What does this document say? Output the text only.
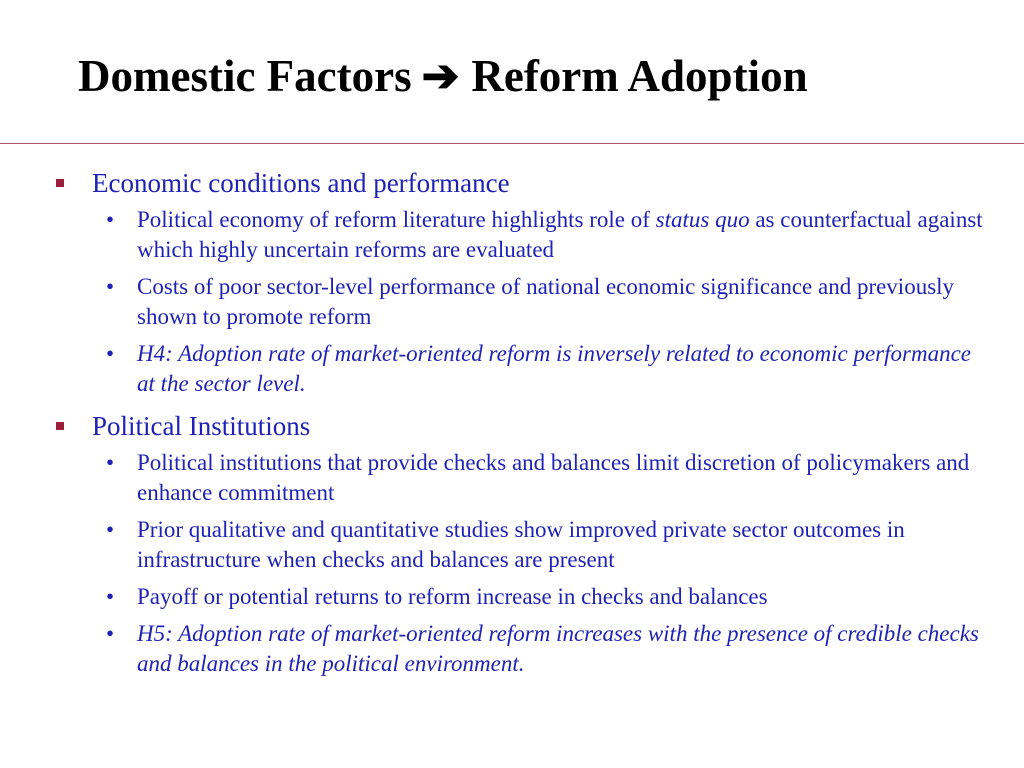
Domestic Factors ➔ Reform Adoption
Economic conditions and performance
• Political economy of reform literature highlights role of status quo as counterfactual against which highly uncertain reforms are evaluated
• Costs of poor sector-level performance of national economic significance and previously shown to promote reform
• H4: Adoption rate of market-oriented reform is inversely related to economic performance at the sector level.
Political Institutions
• Political institutions that provide checks and balances limit discretion of policymakers and enhance commitment
• Prior qualitative and quantitative studies show improved private sector outcomes in infrastructure when checks and balances are present
• Payoff or potential returns to reform increase in checks and balances
• H5: Adoption rate of market-oriented reform increases with the presence of credible checks and balances in the political environment.
